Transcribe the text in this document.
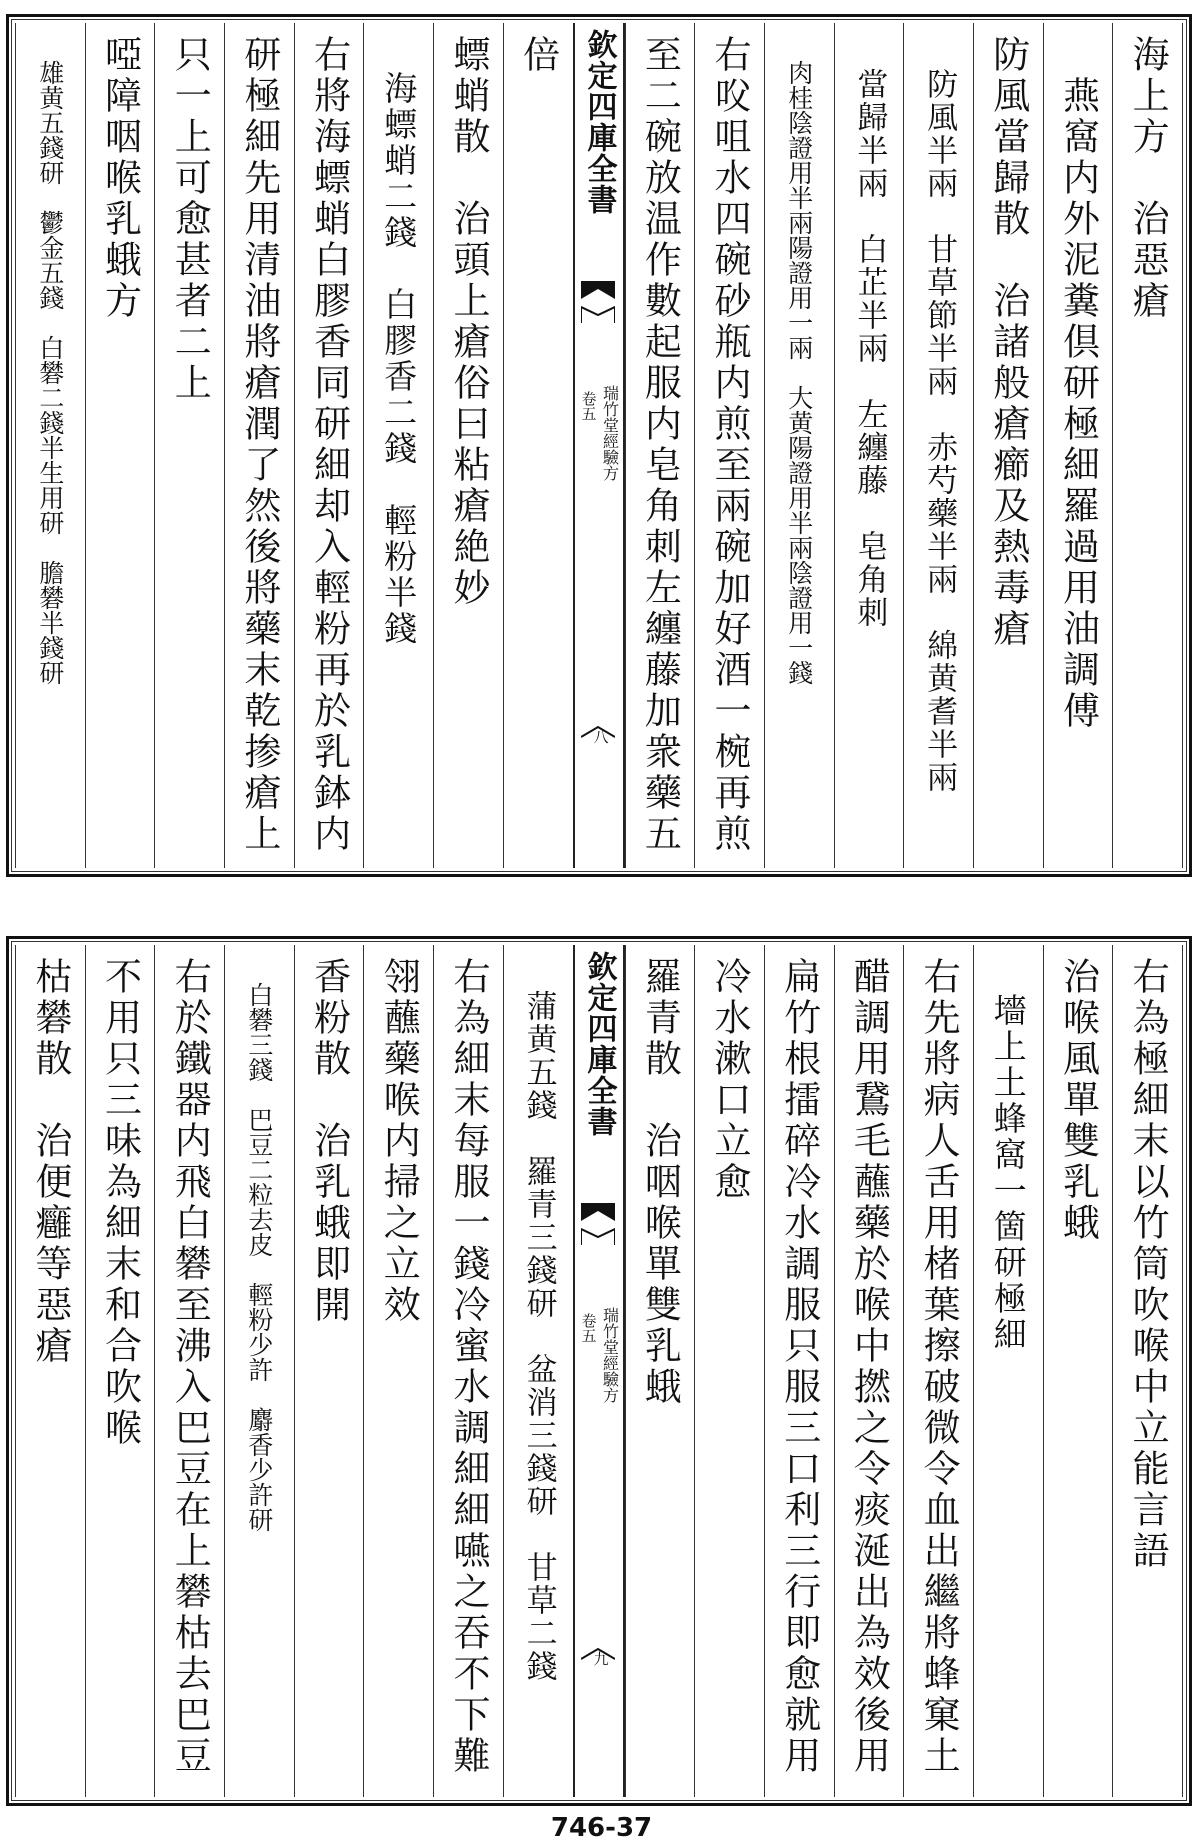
海上方　治惡瘡
　燕窩内外泥糞倶研極細羅過用油調傅
防風當歸散　治諸般瘡癤及熱毒瘡
　防風半兩　甘草節半兩　赤芍藥半兩　綿黄耆半兩
　當歸半兩　白芷半兩　左纏藤　皂角刺
　肉桂陰證用半兩陽證用一兩　大黄陽證用半兩陰證用一錢
右㕮咀水四碗砂瓶内煎至兩碗加好酒一椀再煎
至二碗放温作數起服内皂角刺左纏藤加衆藥五
欽定四庫全書
瑞竹堂經驗方
卷五
八
倍
螵蛸散　治頭上瘡俗曰粘瘡絶妙
　海螵蛸二錢　白膠香二錢　輕粉半錢
右將海螵蛸白膠香同研細却入輕粉再於乳鉢内
研極細先用清油將瘡潤了然後將藥末乾掺瘡上
只一上可愈甚者二上
啞障咽喉乳蛾方
　雄黄五錢研　鬱金五錢　白礬二錢半生用研　膽礬半錢研
右為極細末以竹筒吹喉中立能言語
治喉風單雙乳蛾
　墻上土蜂窩一箇研極細
右先將病人舌用楮葉擦破微令血出繼將蜂窠土
醋調用鵞毛蘸藥於喉中撚之令痰涎出為效後用
扁竹根擂碎冷水調服只服三口利三行即愈就用
冷水漱口立愈
羅青散　治咽喉單雙乳蛾
欽定四庫全書
瑞竹堂經驗方
卷五
九
　蒲黄五錢　羅青三錢研　盆消三錢研　甘草二錢
右為細末每服一錢冷蜜水調細細嚥之吞不下難
翎蘸藥喉内掃之立效
香粉散　治乳蛾即開
　白礬三錢　巴豆二粒去皮　輕粉少許　麝香少許研
右於鐵器内飛白礬至沸入巴豆在上礬枯去巴豆
不用只三味為細末和合吹喉
枯礬散　治便癰等惡瘡
746-37
